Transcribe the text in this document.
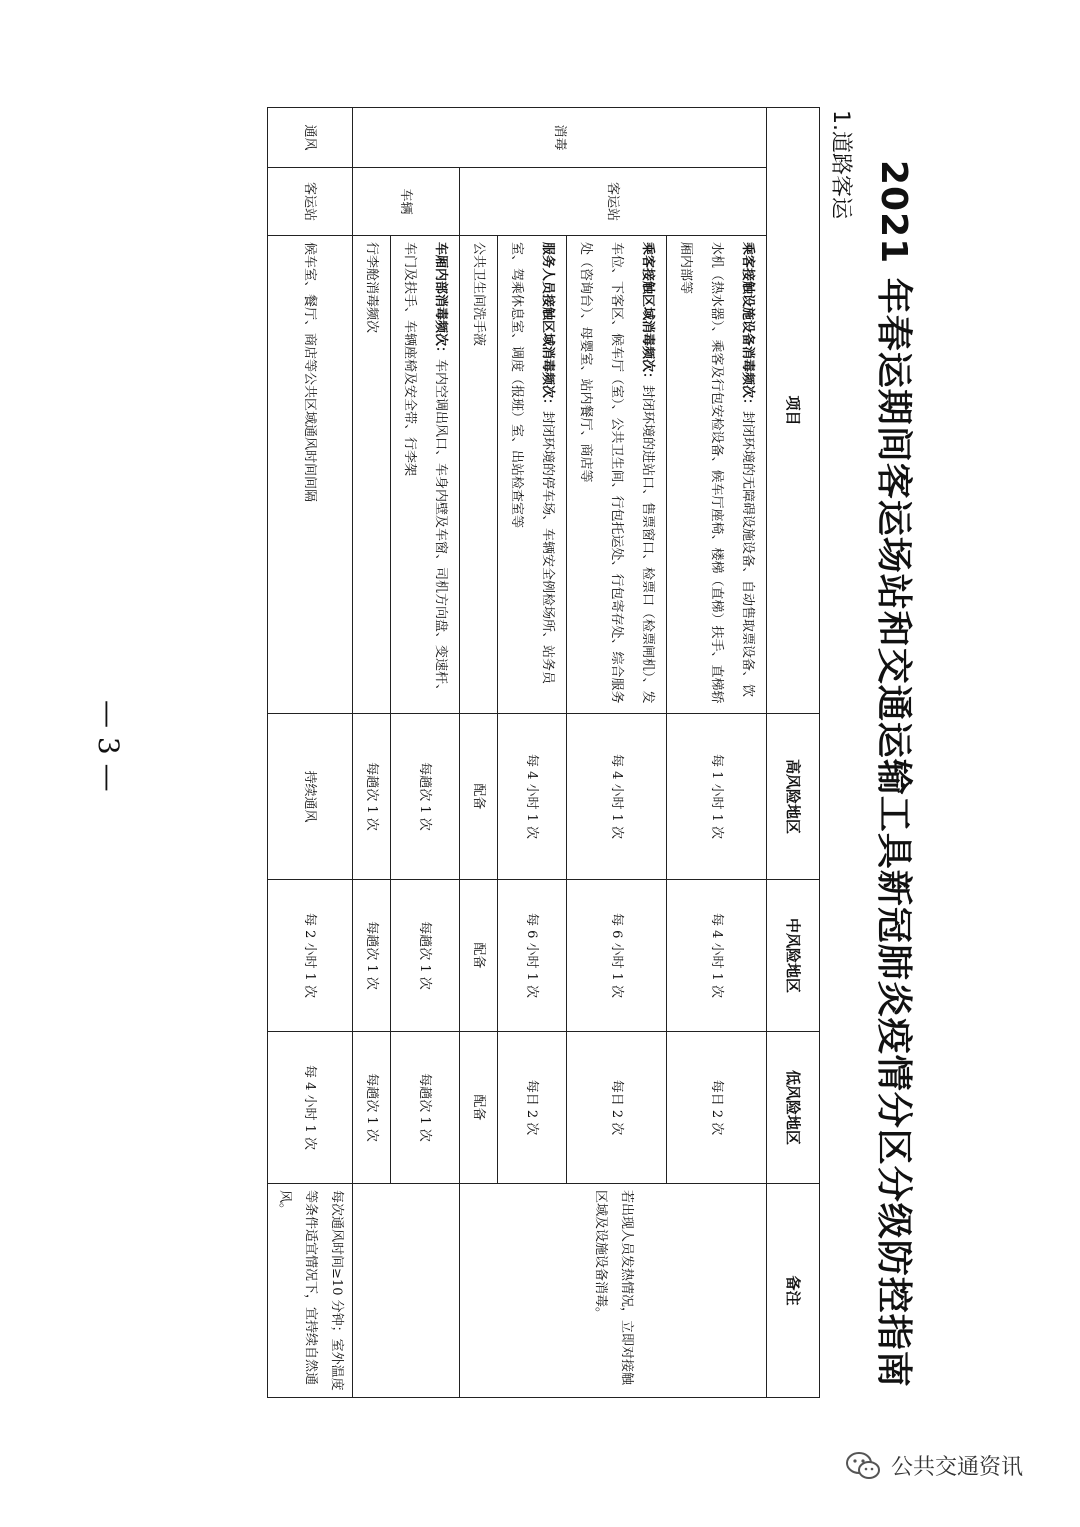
2021 年春运期间客运场站和交通运输工具新冠肺炎疫情分区分级防控指南
1.道路客运
项目			高风险地区	中风险地区	低风险地区	备注
消毒	客运站	乘客接触设施设备消毒频次：封闭环境的无障碍设施设备、自动售取票设备、饮水机（热水器）、乘客及行包安检设备、候车厅座椅、楼梯（直梯）扶手、直梯轿厢内部等	每 1 小时 1 次	每 4 小时 1 次	每日 2 次	若出现人员发热情况，立即对接触区域及设施设备消毒。
		乘客接触区域消毒频次：封闭环境的进站口、售票窗口、检票口（检票闸机）、发车位、下客区、候车厅（室）、公共卫生间、行包托运处、行包寄存处、综合服务处（咨询台）、母婴室、站内餐厅、商店等	每 4 小时 1 次	每 6 小时 1 次	每日 2 次	
		服务人员接触区域消毒频次：封闭环境的停车场、车辆安全例检场所、站务员室、驾乘休息室、调度（报班）室、出站检查室等	每 4 小时 1 次	每 6 小时 1 次	每日 2 次	
		公共卫生间洗手液	配备	配备	配备	
	车辆	车厢内部消毒频次：车内空调出风口、车身内壁及车窗、司机方向盘、变速杆、车门及扶手、车辆座椅及安全带、行李架	每趟次 1 次	每趟次 1 次	每趟次 1 次	
		行李舱消毒频次	每趟次 1 次	每趟次 1 次	每趟次 1 次	
通风	客运站	候车室、餐厅、商店等公共区域通风时间间隔	持续通风	每 2 小时 1 次	每 4 小时 1 次	每次通风时间≥10 分钟；室外温度等条件适宜情况下，宜持续自然通风。
— 3 —
公共交通资讯
